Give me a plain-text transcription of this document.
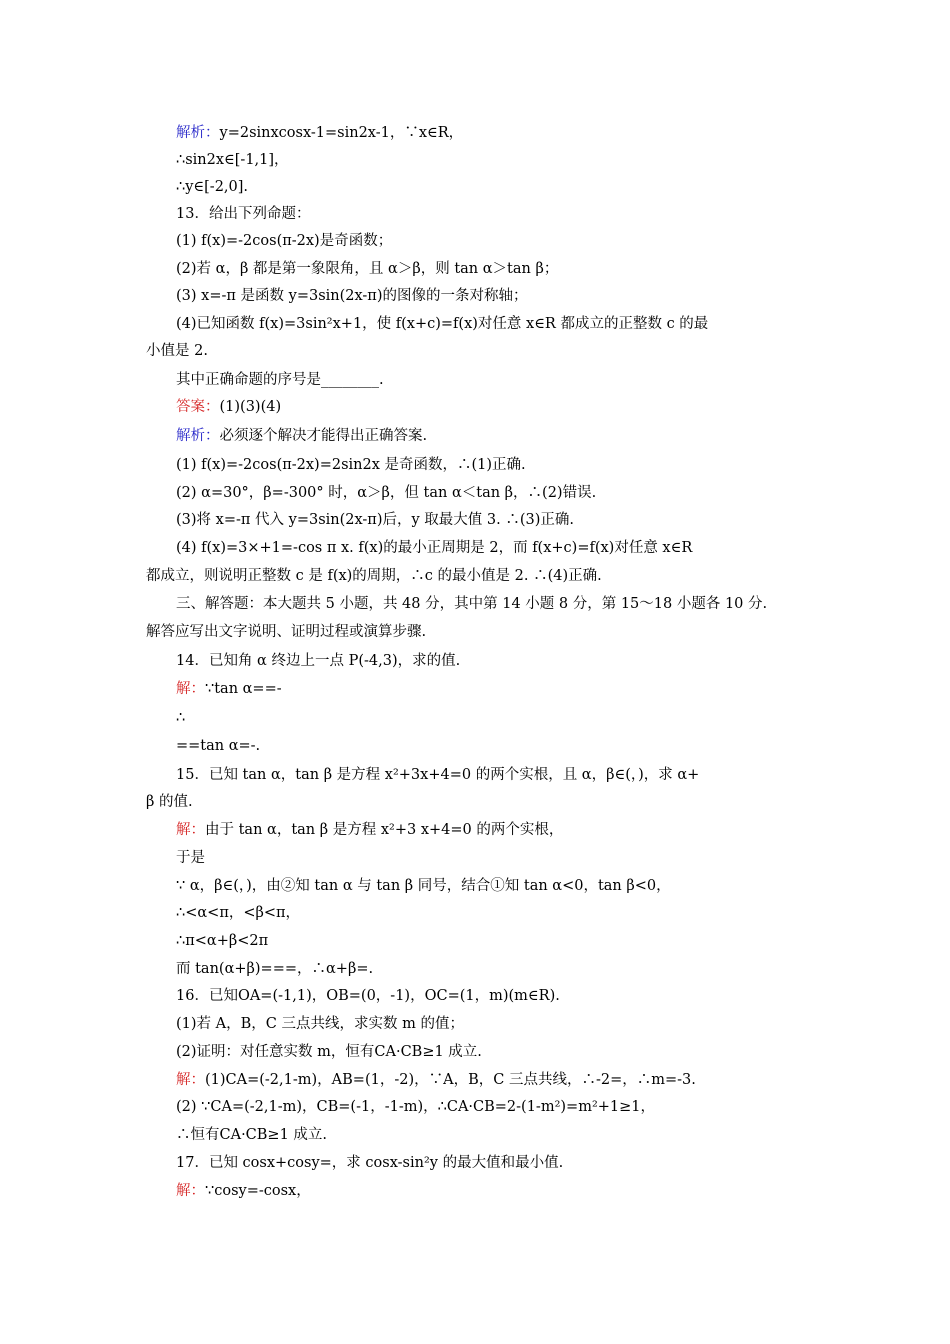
解析：y=2sinxcosx-1=sin2x-1，∵x∈R，
∴sin2x∈[-1,1]，
∴y∈[-2,0].
13．给出下列命题：
(1) f(x)=-2cos(π-2x)是奇函数；
(2)若 α，β 都是第一象限角，且 α＞β，则 tan α＞tan β；
(3) x=-π 是函数 y=3sin(2x-π)的图像的一条对称轴；
(4)已知函数 f(x)=3sin²x+1，使 f(x+c)=f(x)对任意 x∈R 都成立的正整数 c 的最
小值是 2.
其中正确命题的序号是________.
答案：(1)(3)(4)
解析：必须逐个解决才能得出正确答案.
(1) f(x)=-2cos(π-2x)=2sin2x 是奇函数，∴(1)正确.
(2) α=30°，β=-300° 时，α＞β，但 tan α＜tan β，∴(2)错误.
(3)将 x=-π 代入 y=3sin(2x-π)后，y 取最大值 3. ∴(3)正确.
(4) f(x)=3×+1=-cos π x. f(x)的最小正周期是 2，而 f(x+c)=f(x)对任意 x∈R
都成立，则说明正整数 c 是 f(x)的周期，∴c 的最小值是 2. ∴(4)正确.
三、解答题：本大题共 5 小题，共 48 分，其中第 14 小题 8 分，第 15～18 小题各 10 分.
解答应写出文字说明、证明过程或演算步骤.
14．已知角 α 终边上一点 P(-4,3)，求的值.
解：∵tan α==-
∴
==tan α=-.
15．已知 tan α，tan β 是方程 x²+3x+4=0 的两个实根，且 α，β∈(，)，求 α+
β 的值.
解：由于 tan α，tan β 是方程 x²+3 x+4=0 的两个实根，
于是
∵ α，β∈(，)，由②知 tan α 与 tan β 同号，结合①知 tan α<0，tan β<0，
∴<α<π，<β<π，
∴π<α+β<2π
而 tan(α+β)===，∴α+β=.
16．已知OA=(-1,1)，OB=(0，-1)，OC=(1，m)(m∈R).
(1)若 A，B，C 三点共线，求实数 m 的值；
(2)证明：对任意实数 m，恒有CA·CB≥1 成立.
解：(1)CA=(-2,1-m)，AB=(1，-2)，∵A，B，C 三点共线，∴-2=，∴m=-3.
(2) ∵CA=(-2,1-m)，CB=(-1，-1-m)，∴CA·CB=2-(1-m²)=m²+1≥1，
∴恒有CA·CB≥1 成立.
17．已知 cosx+cosy=，求 cosx-sin²y 的最大值和最小值.
解：∵cosy=-cosx，
